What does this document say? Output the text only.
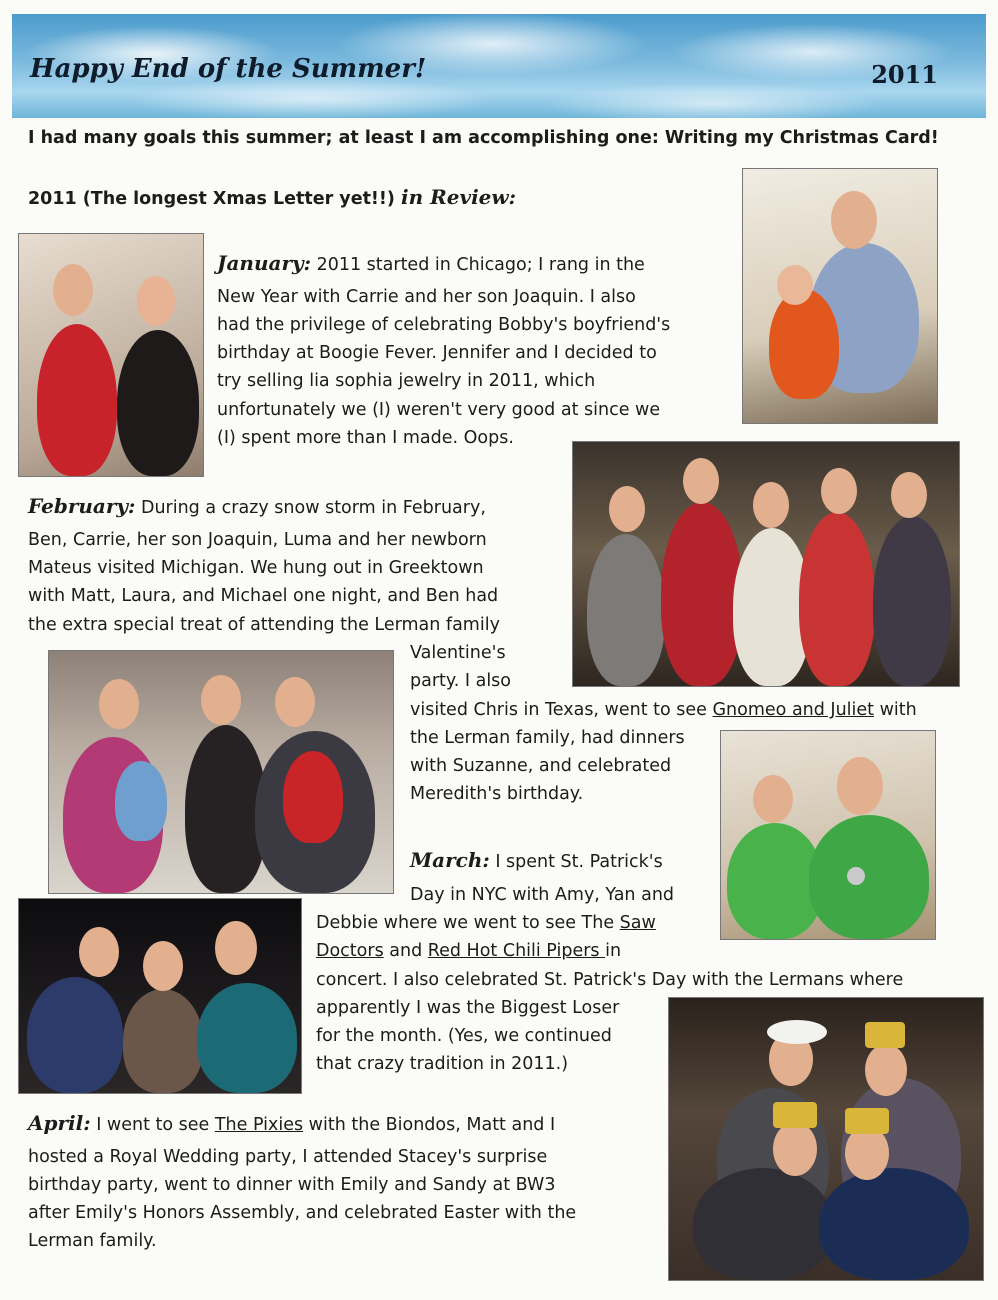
Happy End of the Summer!	2011

I had many goals this summer; at least I am accomplishing one: Writing my Christmas Card!

2011 (The longest Xmas Letter yet!!) in Review:

January: 2011 started in Chicago; I rang in the

New Year with Carrie and her son Joaquin. I also

had the privilege of celebrating Bobby's boyfriend's

birthday at Boogie Fever. Jennifer and I decided to

try selling lia sophia jewelry in 2011, which

unfortunately we (I) weren't very good at since we

(I) spent more than I made. Oops.

February: During a crazy snow storm in February,

Ben, Carrie, her son Joaquin, Luma and her newborn

Mateus visited Michigan. We hung out in Greektown

with Matt, Laura, and Michael one night, and Ben had

the extra special treat of attending the Lerman family

Valentine's

party. I also

visited Chris in Texas, went to see Gnomeo and Juliet with

the Lerman family, had dinners

with Suzanne, and celebrated

Meredith's birthday.

March: I spent St. Patrick's

Day in NYC with Amy, Yan and

Debbie where we went to see The Saw

Doctors and Red Hot Chili Pipers in

concert. I also celebrated St. Patrick's Day with the Lermans where

apparently I was the Biggest Loser

for the month. (Yes, we continued

that crazy tradition in 2011.)

April: I went to see The Pixies with the Biondos, Matt and I

hosted a Royal Wedding party, I attended Stacey's surprise

birthday party, went to dinner with Emily and Sandy at BW3

after Emily's Honors Assembly, and celebrated Easter with the

Lerman family.
